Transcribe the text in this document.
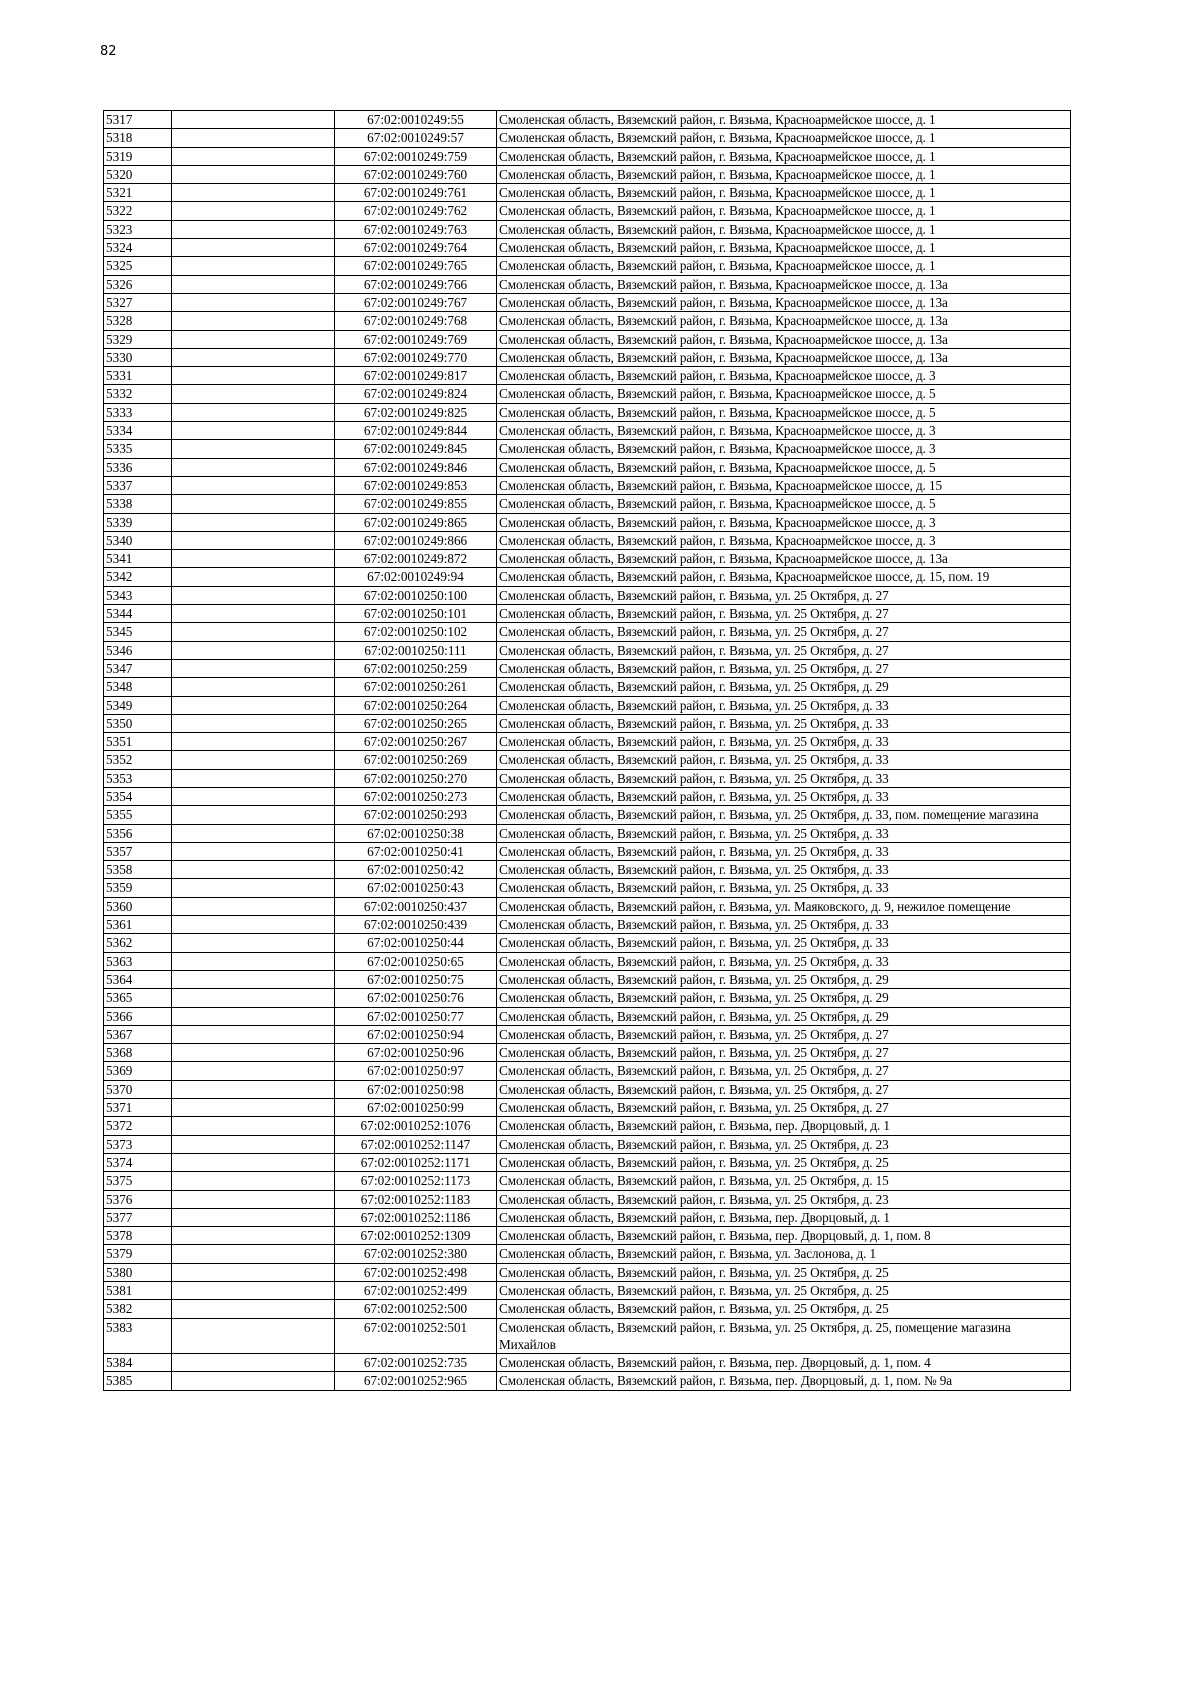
82
5317		67:02:0010249:55	Смоленская область, Вяземский район, г. Вязьма, Красноармейское шоссе, д. 1
5318		67:02:0010249:57	Смоленская область, Вяземский район, г. Вязьма, Красноармейское шоссе, д. 1
5319		67:02:0010249:759	Смоленская область, Вяземский район, г. Вязьма, Красноармейское шоссе, д. 1
5320		67:02:0010249:760	Смоленская область, Вяземский район, г. Вязьма, Красноармейское шоссе, д. 1
5321		67:02:0010249:761	Смоленская область, Вяземский район, г. Вязьма, Красноармейское шоссе, д. 1
5322		67:02:0010249:762	Смоленская область, Вяземский район, г. Вязьма, Красноармейское шоссе, д. 1
5323		67:02:0010249:763	Смоленская область, Вяземский район, г. Вязьма, Красноармейское шоссе, д. 1
5324		67:02:0010249:764	Смоленская область, Вяземский район, г. Вязьма, Красноармейское шоссе, д. 1
5325		67:02:0010249:765	Смоленская область, Вяземский район, г. Вязьма, Красноармейское шоссе, д. 1
5326		67:02:0010249:766	Смоленская область, Вяземский район, г. Вязьма, Красноармейское шоссе, д. 13а
5327		67:02:0010249:767	Смоленская область, Вяземский район, г. Вязьма, Красноармейское шоссе, д. 13а
5328		67:02:0010249:768	Смоленская область, Вяземский район, г. Вязьма, Красноармейское шоссе, д. 13а
5329		67:02:0010249:769	Смоленская область, Вяземский район, г. Вязьма, Красноармейское шоссе, д. 13а
5330		67:02:0010249:770	Смоленская область, Вяземский район, г. Вязьма, Красноармейское шоссе, д. 13а
5331		67:02:0010249:817	Смоленская область, Вяземский район, г. Вязьма, Красноармейское шоссе, д. 3
5332		67:02:0010249:824	Смоленская область, Вяземский район, г. Вязьма, Красноармейское шоссе, д. 5
5333		67:02:0010249:825	Смоленская область, Вяземский район, г. Вязьма, Красноармейское шоссе, д. 5
5334		67:02:0010249:844	Смоленская область, Вяземский район, г. Вязьма, Красноармейское шоссе, д. 3
5335		67:02:0010249:845	Смоленская область, Вяземский район, г. Вязьма, Красноармейское шоссе, д. 3
5336		67:02:0010249:846	Смоленская область, Вяземский район, г. Вязьма, Красноармейское шоссе, д. 5
5337		67:02:0010249:853	Смоленская область, Вяземский район, г. Вязьма, Красноармейское шоссе, д. 15
5338		67:02:0010249:855	Смоленская область, Вяземский район, г. Вязьма, Красноармейское шоссе, д. 5
5339		67:02:0010249:865	Смоленская область, Вяземский район, г. Вязьма, Красноармейское шоссе, д. 3
5340		67:02:0010249:866	Смоленская область, Вяземский район, г. Вязьма, Красноармейское шоссе, д. 3
5341		67:02:0010249:872	Смоленская область, Вяземский район, г. Вязьма, Красноармейское шоссе, д. 13а
5342		67:02:0010249:94	Смоленская область, Вяземский район, г. Вязьма, Красноармейское шоссе, д. 15, пом. 19
5343		67:02:0010250:100	Смоленская область, Вяземский район, г. Вязьма, ул. 25 Октября, д. 27
5344		67:02:0010250:101	Смоленская область, Вяземский район, г. Вязьма, ул. 25 Октября, д. 27
5345		67:02:0010250:102	Смоленская область, Вяземский район, г. Вязьма, ул. 25 Октября, д. 27
5346		67:02:0010250:111	Смоленская область, Вяземский район, г. Вязьма, ул. 25 Октября, д. 27
5347		67:02:0010250:259	Смоленская область, Вяземский район, г. Вязьма, ул. 25 Октября, д. 27
5348		67:02:0010250:261	Смоленская область, Вяземский район, г. Вязьма, ул. 25 Октября, д. 29
5349		67:02:0010250:264	Смоленская область, Вяземский район, г. Вязьма, ул. 25 Октября, д. 33
5350		67:02:0010250:265	Смоленская область, Вяземский район, г. Вязьма, ул. 25 Октября, д. 33
5351		67:02:0010250:267	Смоленская область, Вяземский район, г. Вязьма, ул. 25 Октября, д. 33
5352		67:02:0010250:269	Смоленская область, Вяземский район, г. Вязьма, ул. 25 Октября, д. 33
5353		67:02:0010250:270	Смоленская область, Вяземский район, г. Вязьма, ул. 25 Октября, д. 33
5354		67:02:0010250:273	Смоленская область, Вяземский район, г. Вязьма, ул. 25 Октября, д. 33
5355		67:02:0010250:293	Смоленская область, Вяземский район, г. Вязьма, ул. 25 Октября, д. 33, пом. помещение магазина
5356		67:02:0010250:38	Смоленская область, Вяземский район, г. Вязьма, ул. 25 Октября, д. 33
5357		67:02:0010250:41	Смоленская область, Вяземский район, г. Вязьма, ул. 25 Октября, д. 33
5358		67:02:0010250:42	Смоленская область, Вяземский район, г. Вязьма, ул. 25 Октября, д. 33
5359		67:02:0010250:43	Смоленская область, Вяземский район, г. Вязьма, ул. 25 Октября, д. 33
5360		67:02:0010250:437	Смоленская область, Вяземский район, г. Вязьма, ул. Маяковского, д. 9, нежилое помещение
5361		67:02:0010250:439	Смоленская область, Вяземский район, г. Вязьма, ул. 25 Октября, д. 33
5362		67:02:0010250:44	Смоленская область, Вяземский район, г. Вязьма, ул. 25 Октября, д. 33
5363		67:02:0010250:65	Смоленская область, Вяземский район, г. Вязьма, ул. 25 Октября, д. 33
5364		67:02:0010250:75	Смоленская область, Вяземский район, г. Вязьма, ул. 25 Октября, д. 29
5365		67:02:0010250:76	Смоленская область, Вяземский район, г. Вязьма, ул. 25 Октября, д. 29
5366		67:02:0010250:77	Смоленская область, Вяземский район, г. Вязьма, ул. 25 Октября, д. 29
5367		67:02:0010250:94	Смоленская область, Вяземский район, г. Вязьма, ул. 25 Октября, д. 27
5368		67:02:0010250:96	Смоленская область, Вяземский район, г. Вязьма, ул. 25 Октября, д. 27
5369		67:02:0010250:97	Смоленская область, Вяземский район, г. Вязьма, ул. 25 Октября, д. 27
5370		67:02:0010250:98	Смоленская область, Вяземский район, г. Вязьма, ул. 25 Октября, д. 27
5371		67:02:0010250:99	Смоленская область, Вяземский район, г. Вязьма, ул. 25 Октября, д. 27
5372		67:02:0010252:1076	Смоленская область, Вяземский район, г. Вязьма, пер. Дворцовый, д. 1
5373		67:02:0010252:1147	Смоленская область, Вяземский район, г. Вязьма, ул. 25 Октября, д. 23
5374		67:02:0010252:1171	Смоленская область, Вяземский район, г. Вязьма, ул. 25 Октября, д. 25
5375		67:02:0010252:1173	Смоленская область, Вяземский район, г. Вязьма, ул. 25 Октября, д. 15
5376		67:02:0010252:1183	Смоленская область, Вяземский район, г. Вязьма, ул. 25 Октября, д. 23
5377		67:02:0010252:1186	Смоленская область, Вяземский район, г. Вязьма, пер. Дворцовый, д. 1
5378		67:02:0010252:1309	Смоленская область, Вяземский район, г. Вязьма, пер. Дворцовый, д. 1, пом. 8
5379		67:02:0010252:380	Смоленская область, Вяземский район, г. Вязьма, ул. Заслонова, д. 1
5380		67:02:0010252:498	Смоленская область, Вяземский район, г. Вязьма, ул. 25 Октября, д. 25
5381		67:02:0010252:499	Смоленская область, Вяземский район, г. Вязьма, ул. 25 Октября, д. 25
5382		67:02:0010252:500	Смоленская область, Вяземский район, г. Вязьма, ул. 25 Октября, д. 25
5383		67:02:0010252:501	Смоленская область, Вяземский район, г. Вязьма, ул. 25 Октября, д. 25, помещение магазина Михайлов
5384		67:02:0010252:735	Смоленская область, Вяземский район, г. Вязьма, пер. Дворцовый, д. 1, пом. 4
5385		67:02:0010252:965	Смоленская область, Вяземский район, г. Вязьма, пер. Дворцовый, д. 1, пом. № 9а
